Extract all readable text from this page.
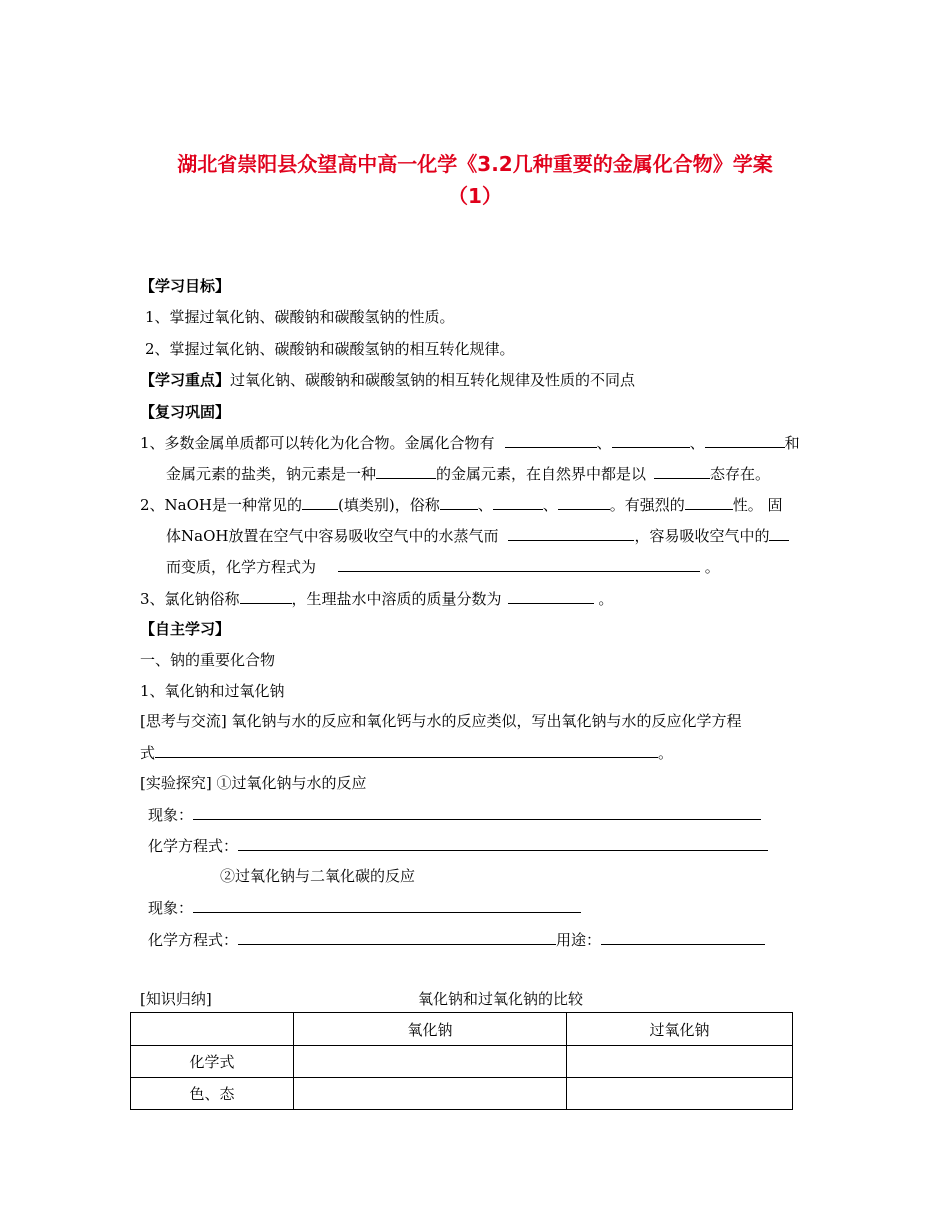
湖北省崇阳县众望高中高一化学《3.2几种重要的金属化合物》学案
（1）
【学习目标】
1、掌握过氧化钠、碳酸钠和碳酸氢钠的性质。
2、掌握过氧化钠、碳酸钠和碳酸氢钠的相互转化规律。
【学习重点】过氧化钠、碳酸钠和碳酸氢钠的相互转化规律及性质的不同点
【复习巩固】
1、多数金属单质都可以转化为化合物。金属化合物有	、	、	和
金属元素的盐类，钠元素是一种	的金属元素，在自然界中都是以	态存在。
2、NaOH是一种常见的 (填类别)，俗称	、	、	。有强烈的	性。 固
体NaOH放置在空气中容易吸收空气中的水蒸气而	，容易吸收空气中的
而变质，化学方程式为	。
3、氯化钠俗称	，生理盐水中溶质的质量分数为	。
【自主学习】
一、钠的重要化合物
1、氧化钠和过氧化钠
[思考与交流] 氧化钠与水的反应和氧化钙与水的反应类似，写出氧化钠与水的反应化学方程
式	。
[实验探究] ①过氧化钠与水的反应
现象：
化学方程式：
②过氧化钠与二氧化碳的反应
现象：
化学方程式：	用途：
[知识归纳]	氧化钠和过氧化钠的比较
	氧化钠	过氧化钠
化学式		
色、态		
